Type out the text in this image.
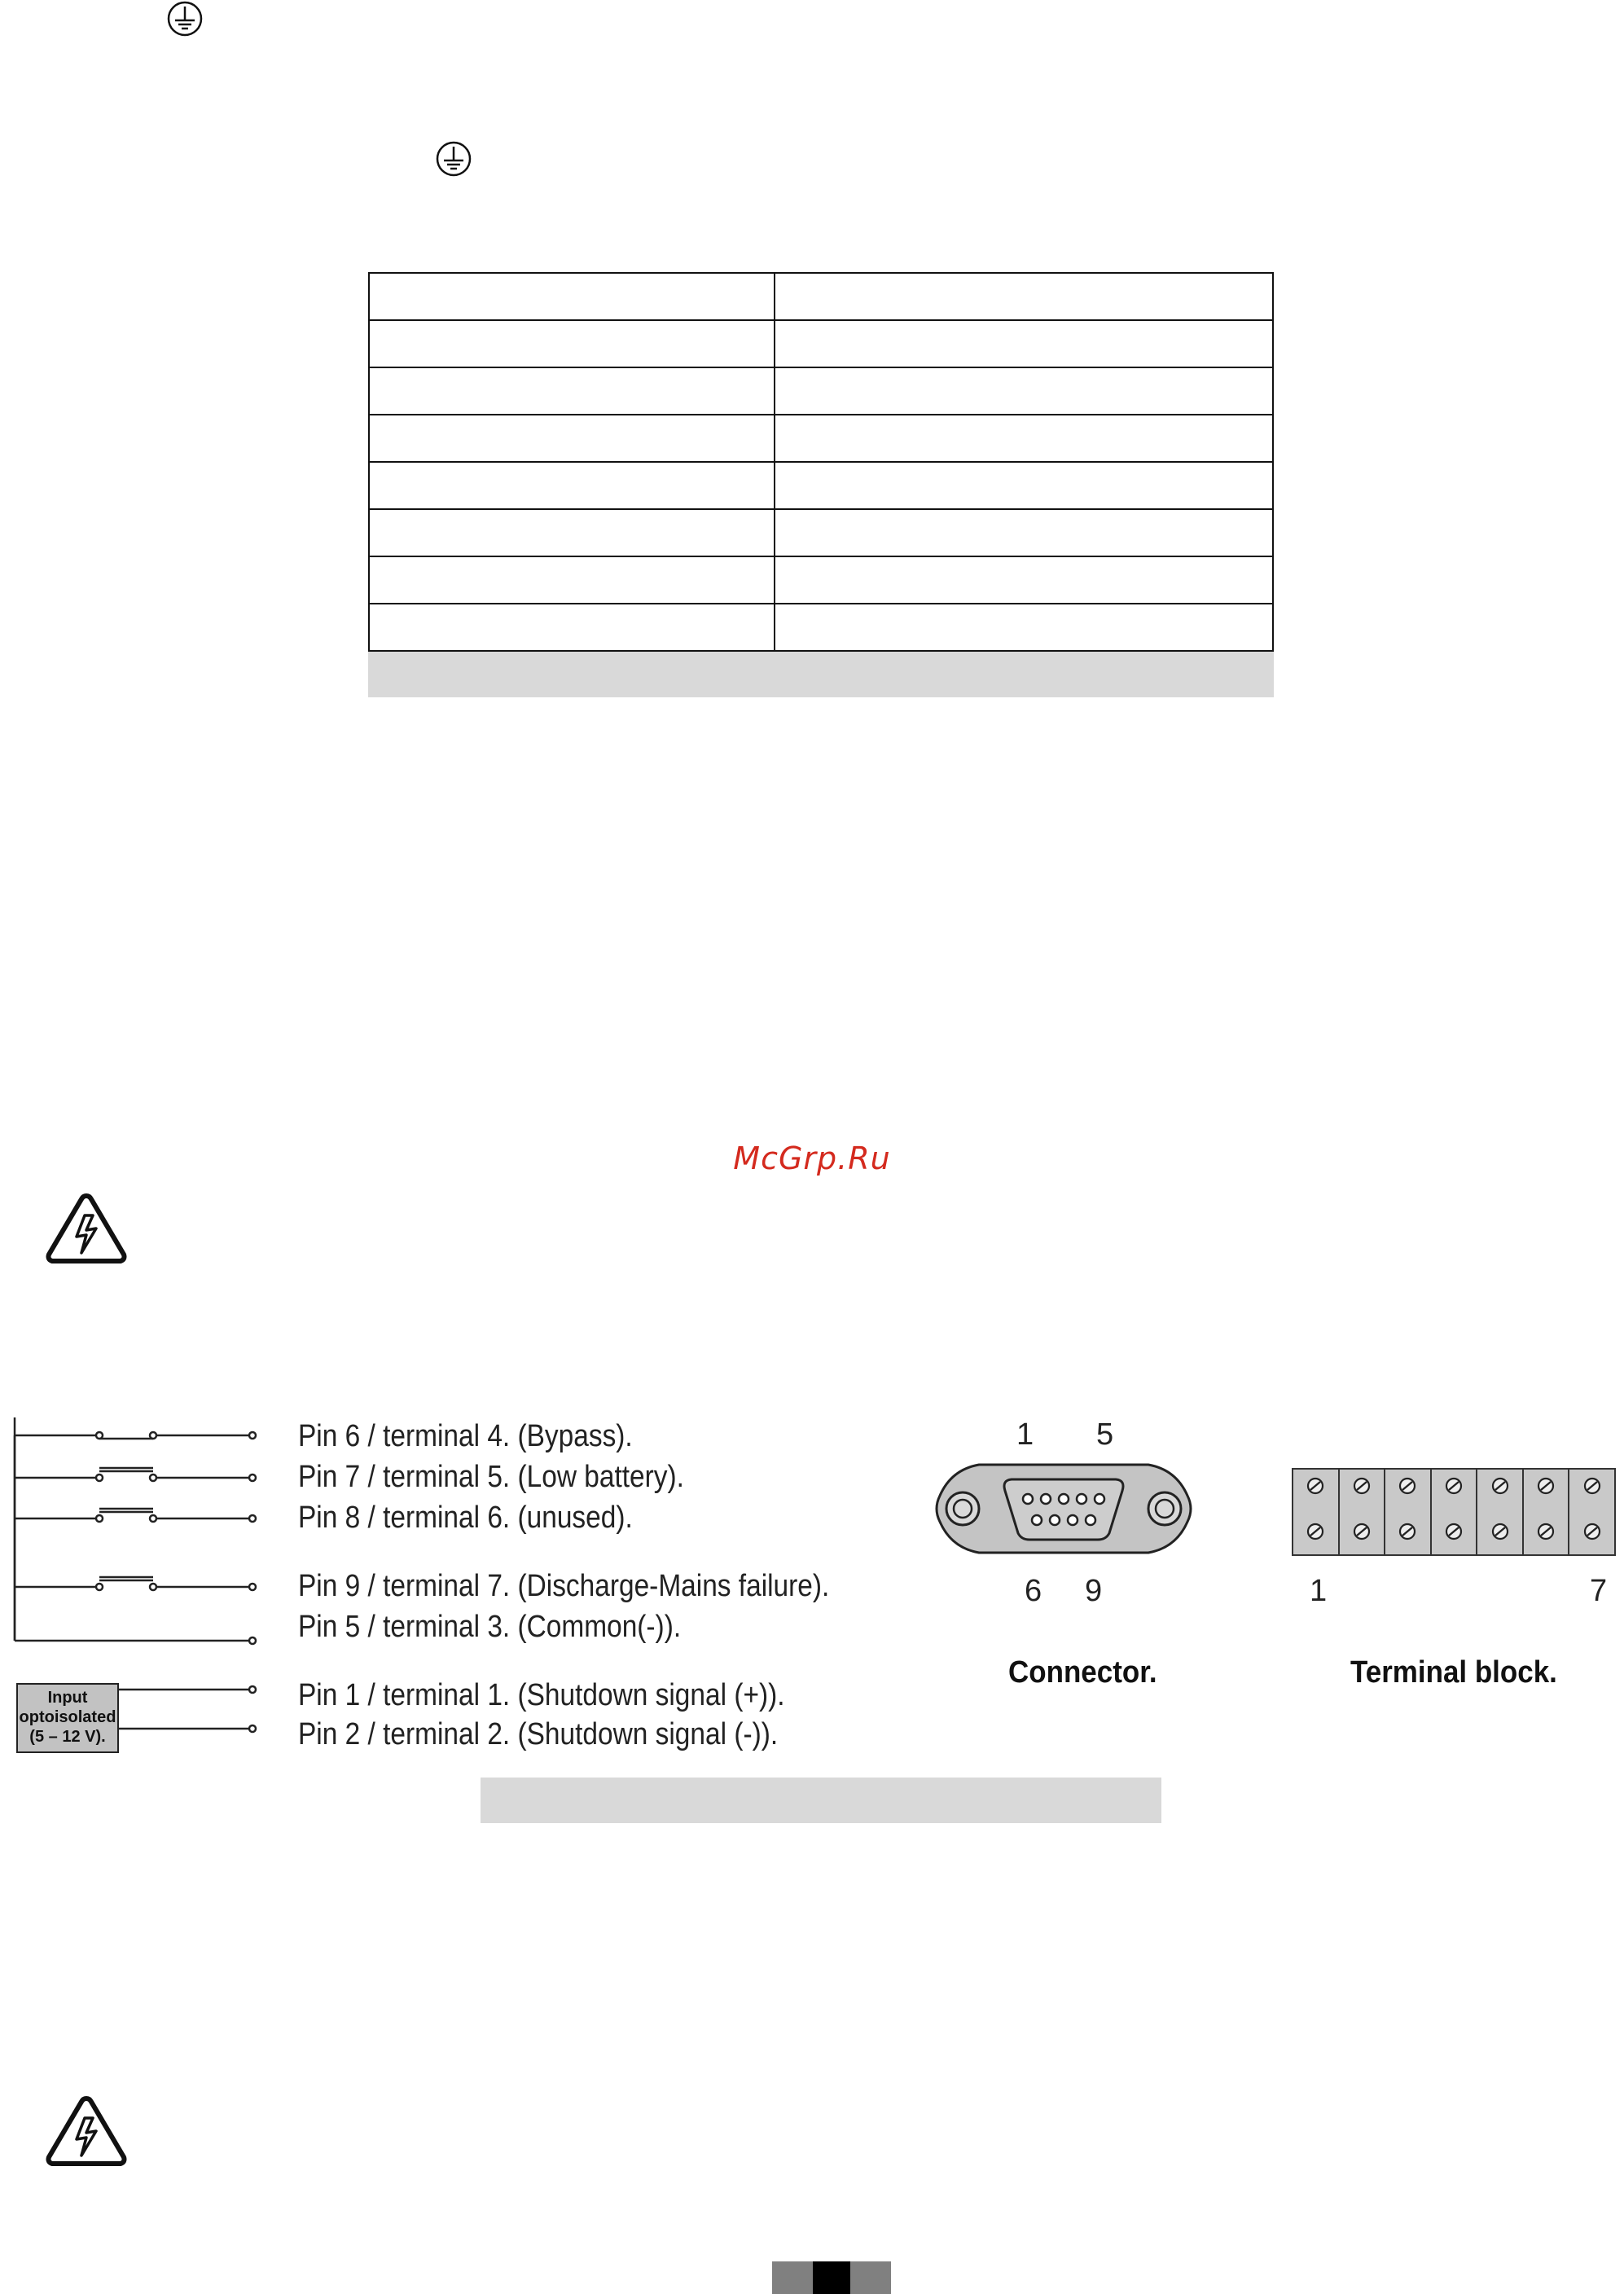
McGrp.Ru
Input
optoisolated
(5 – 12 V).
Pin 6 / terminal 4. (Bypass).
Pin 7 / terminal 5. (Low battery).
Pin 8 / terminal 6. (unused).
Pin 9 / terminal 7. (Discharge-Mains failure).
Pin 5 / terminal 3. (Common(-)).
Pin 1 / terminal 1. (Shutdown signal (+)).
Pin 2 / terminal 2. (Shutdown signal (-)).
1 5
6 9
Connector.
1	7
Terminal block.
